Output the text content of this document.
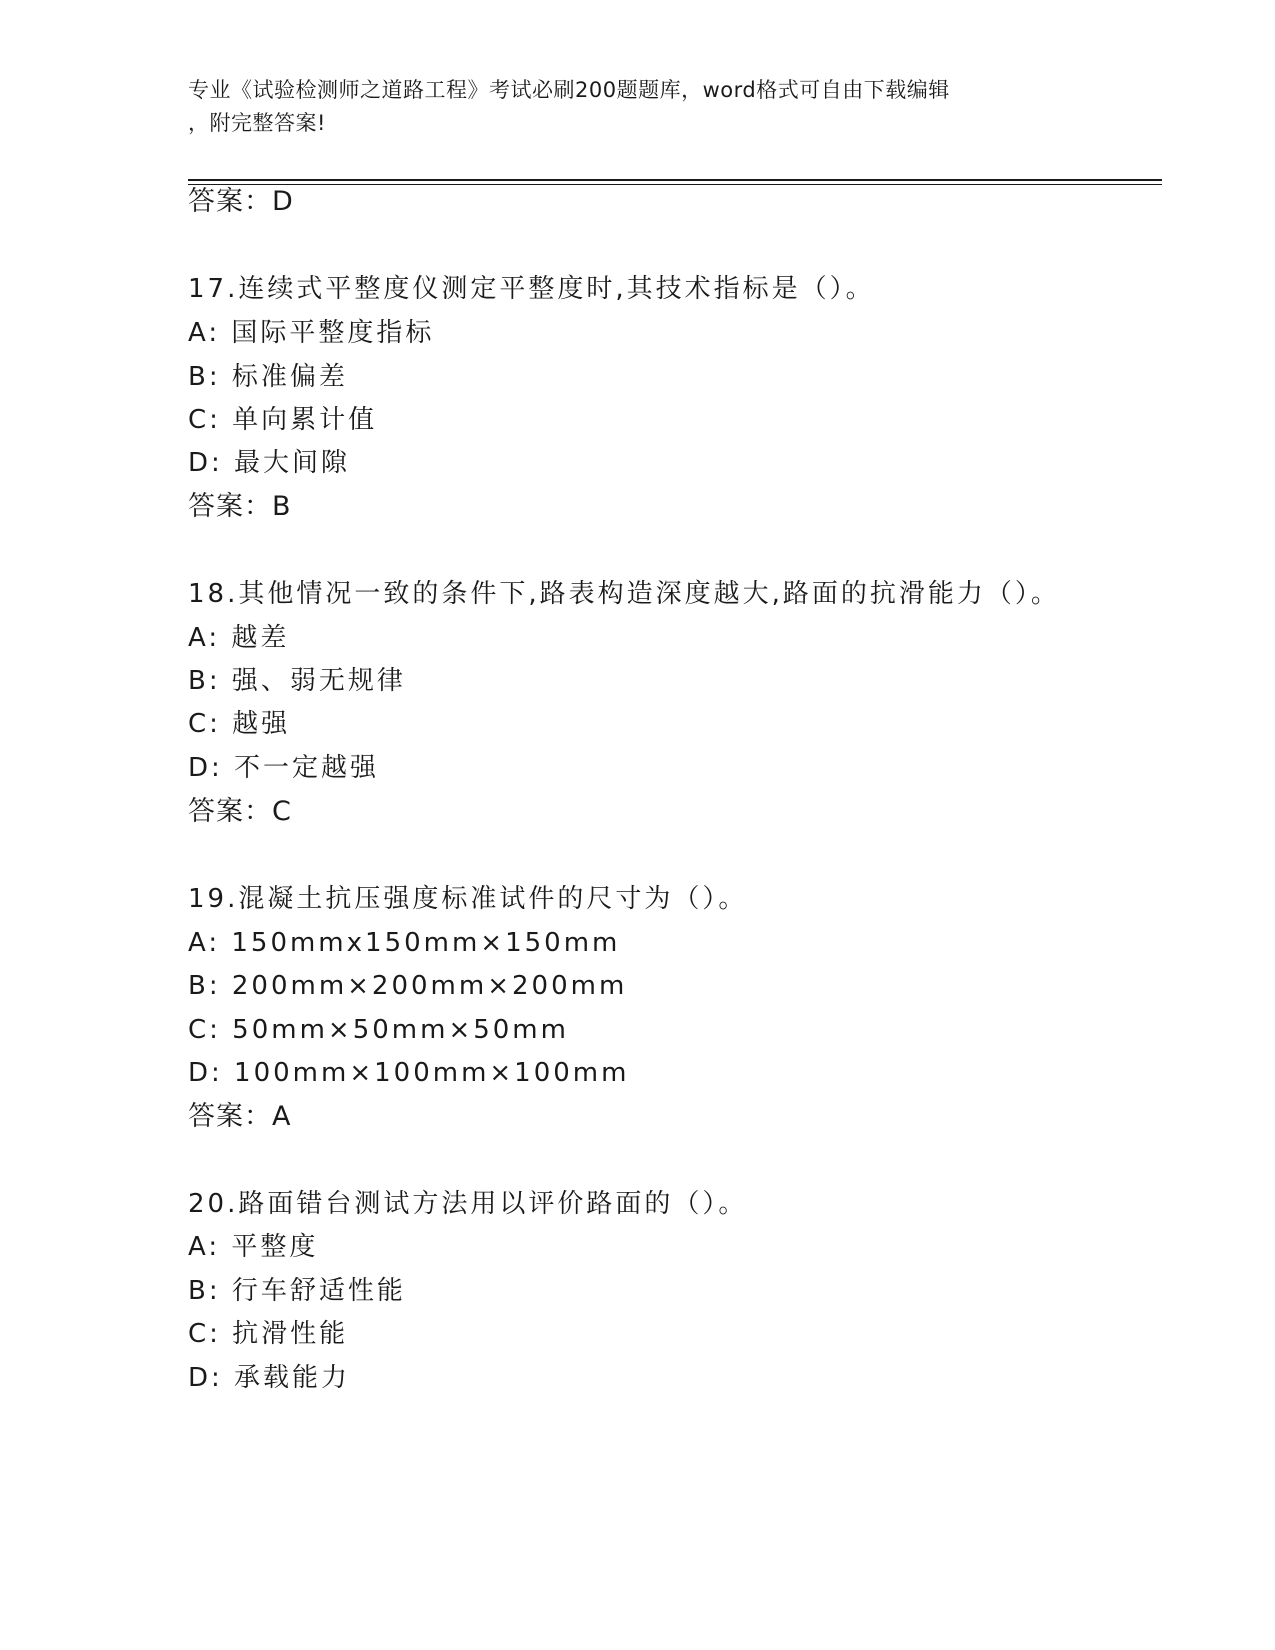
专业《试验检测师之道路工程》考试必刷200题题库，word格式可自由下载编辑
，附完整答案!
答案：D
17.连续式平整度仪测定平整度时,其技术指标是（）。
A: 国际平整度指标
B: 标准偏差
C: 单向累计值
D: 最大间隙
答案：B
18.其他情况一致的条件下,路表构造深度越大,路面的抗滑能力（）。
A: 越差
B: 强、弱无规律
C: 越强
D: 不一定越强
答案：C
19.混凝土抗压强度标准试件的尺寸为（）。
A: 150mmx150mm×150mm
B: 200mm×200mm×200mm
C: 50mm×50mm×50mm
D: 100mm×100mm×100mm
答案：A
20.路面错台测试方法用以评价路面的（）。
A: 平整度
B: 行车舒适性能
C: 抗滑性能
D: 承载能力
